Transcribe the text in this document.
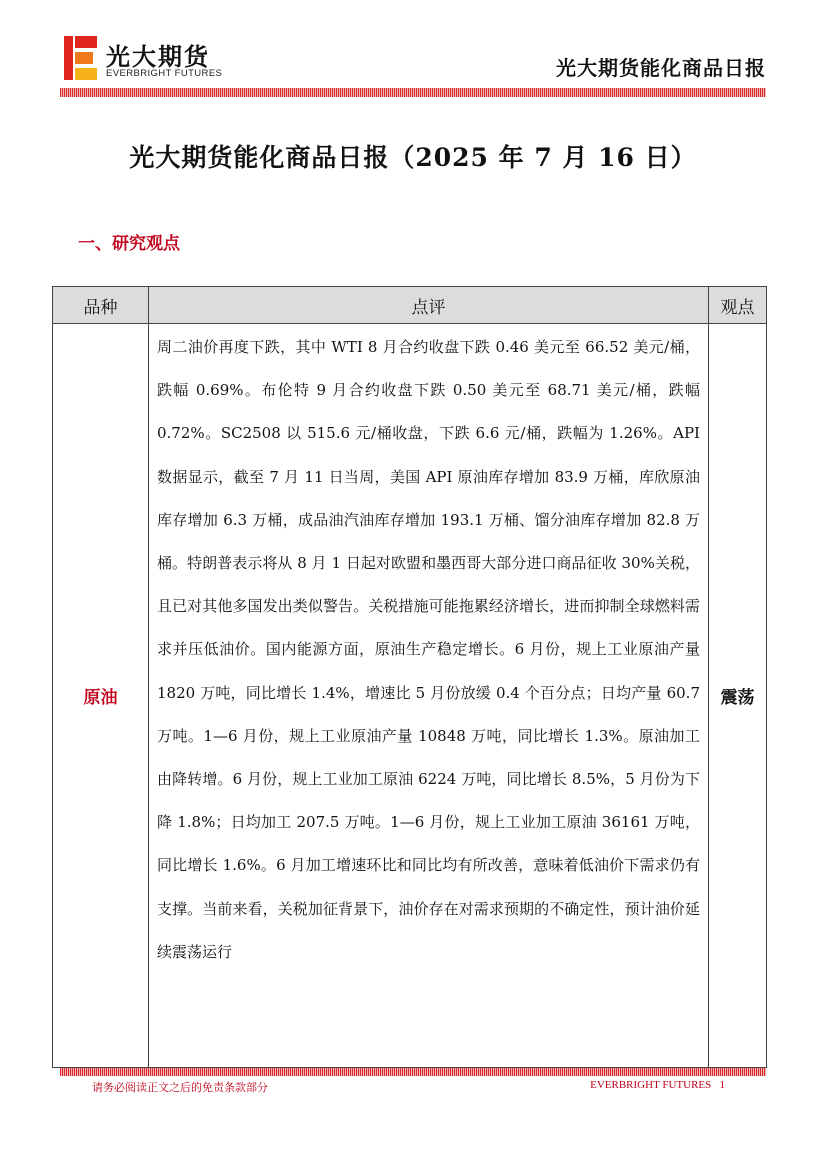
光大期货
EVERBRIGHT FUTURES	光大期货能化商品日报
光大期货能化商品日报（2025 年 7 月 16 日）
一、研究观点
品种	点评	观点
原油	周二油价再度下跌，其中 WTI 8 月合约收盘下跌 0.46 美元至 66.52 美元/桶，跌幅 0.69%。布伦特 9 月合约收盘下跌 0.50 美元至 68.71 美元/桶，跌幅 0.72%。SC2508 以 515.6 元/桶收盘，下跌 6.6 元/桶，跌幅为 1.26%。API 数据显示，截至 7 月 11 日当周，美国 API 原油库存增加 83.9 万桶，库欣原油库存增加 6.3 万桶，成品油汽油库存增加 193.1 万桶、馏分油库存增加 82.8 万桶。特朗普表示将从 8 月 1 日起对欧盟和墨西哥大部分进口商品征收 30%关税，且已对其他多国发出类似警告。关税措施可能拖累经济增长，进而抑制全球燃料需求并压低油价。国内能源方面，原油生产稳定增长。6 月份，规上工业原油产量 1820 万吨，同比增长 1.4%，增速比 5 月份放缓 0.4 个百分点；日均产量 60.7 万吨。1—6 月份，规上工业原油产量 10848 万吨，同比增长 1.3%。原油加工由降转增。6 月份，规上工业加工原油 6224 万吨，同比增长 8.5%，5 月份为下降 1.8%；日均加工 207.5 万吨。1—6 月份，规上工业加工原油 36161 万吨，同比增长 1.6%。6 月加工增速环比和同比均有所改善，意味着低油价下需求仍有支撑。当前来看，关税加征背景下，油价存在对需求预期的不确定性，预计油价延续震荡运行	震荡
请务必阅读正文之后的免责条款部分	EVERBRIGHT FUTURES 1
